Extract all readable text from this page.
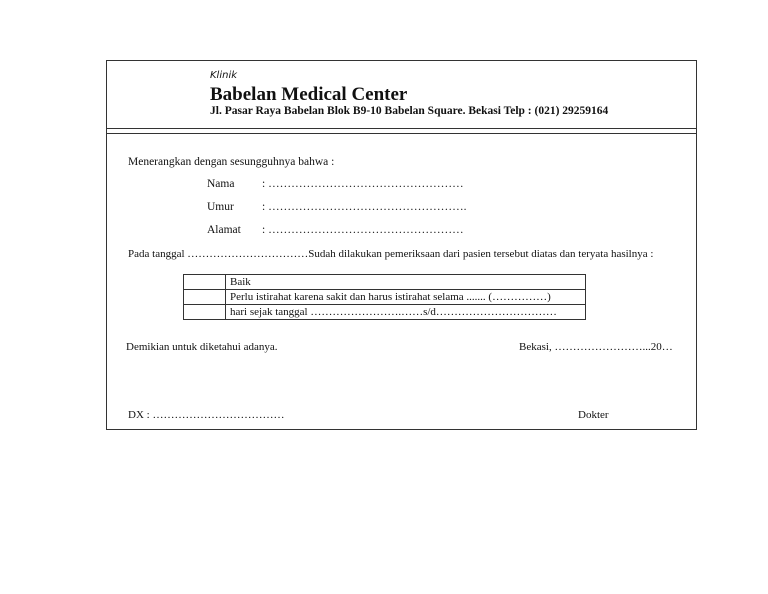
Klinik
Babelan Medical Center
Jl. Pasar Raya Babelan Blok B9-10 Babelan Square. Bekasi Telp : (021) 29259164
Menerangkan dengan sesungguhnya bahwa :
Nama : ……………………………………………
Umur : …………………………………………….
Alamat : ……………………………………………
Pada tanggal ……………………………Sudah dilakukan pemeriksaan dari pasien tersebut diatas dan teryata hasilnya :
	Baik
	Perlu istirahat karena sakit dan harus istirahat selama ....... (……………)
	hari sejak tanggal …………………….……s/d……………………………
Demikian untuk diketahui adanya.	Bekasi, ……………………...20…
DX : ………………………………	Dokter
